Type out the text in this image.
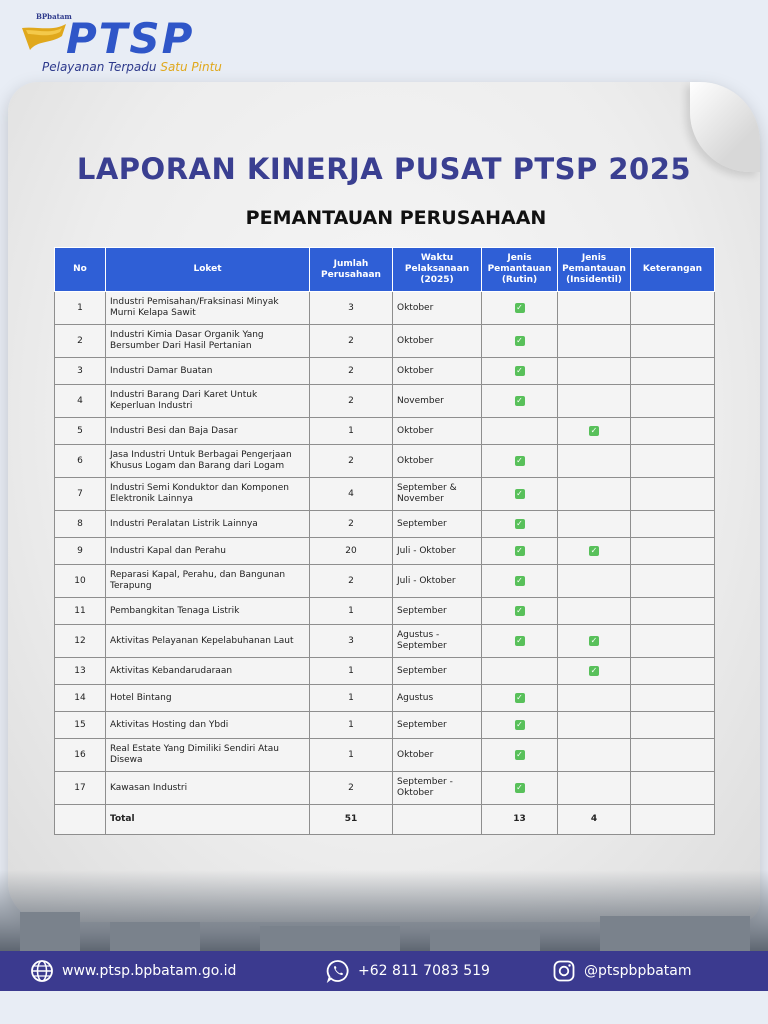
BPbatam
PTSP
Pelayanan Terpadu Satu Pintu
LAPORAN KINERJA PUSAT PTSP 2025
PEMANTAUAN PERUSAHAAN
No	Loket	Jumlah Perusahaan	Waktu Pelaksanaan (2025)	Jenis Pemantauan (Rutin)	Jenis Pemantauan (Insidentil)	Keterangan
1	Industri Pemisahan/Fraksinasi Minyak Murni Kelapa Sawit	3	Oktober	✓		
2	Industri Kimia Dasar Organik Yang Bersumber Dari Hasil Pertanian	2	Oktober	✓		
3	Industri Damar Buatan	2	Oktober	✓		
4	Industri Barang Dari Karet Untuk Keperluan Industri	2	November	✓		
5	Industri Besi dan Baja Dasar	1	Oktober		✓	
6	Jasa Industri Untuk Berbagai Pengerjaan Khusus Logam dan Barang dari Logam	2	Oktober	✓		
7	Industri Semi Konduktor dan Komponen Elektronik Lainnya	4	September & November	✓		
8	Industri Peralatan Listrik Lainnya	2	September	✓		
9	Industri Kapal dan Perahu	20	Juli - Oktober	✓	✓	
10	Reparasi Kapal, Perahu, dan Bangunan Terapung	2	Juli - Oktober	✓		
11	Pembangkitan Tenaga Listrik	1	September	✓		
12	Aktivitas Pelayanan Kepelabuhanan Laut	3	Agustus - September	✓	✓	
13	Aktivitas Kebandarudaraan	1	September		✓	
14	Hotel Bintang	1	Agustus	✓		
15	Aktivitas Hosting dan Ybdi	1	September	✓		
16	Real Estate Yang Dimiliki Sendiri Atau Disewa	1	Oktober	✓		
17	Kawasan Industri	2	September - Oktober	✓		
	Total	51		13	4	
www.ptsp.bpbatam.go.id	+62 811 7083 519	@ptspbpbatam
